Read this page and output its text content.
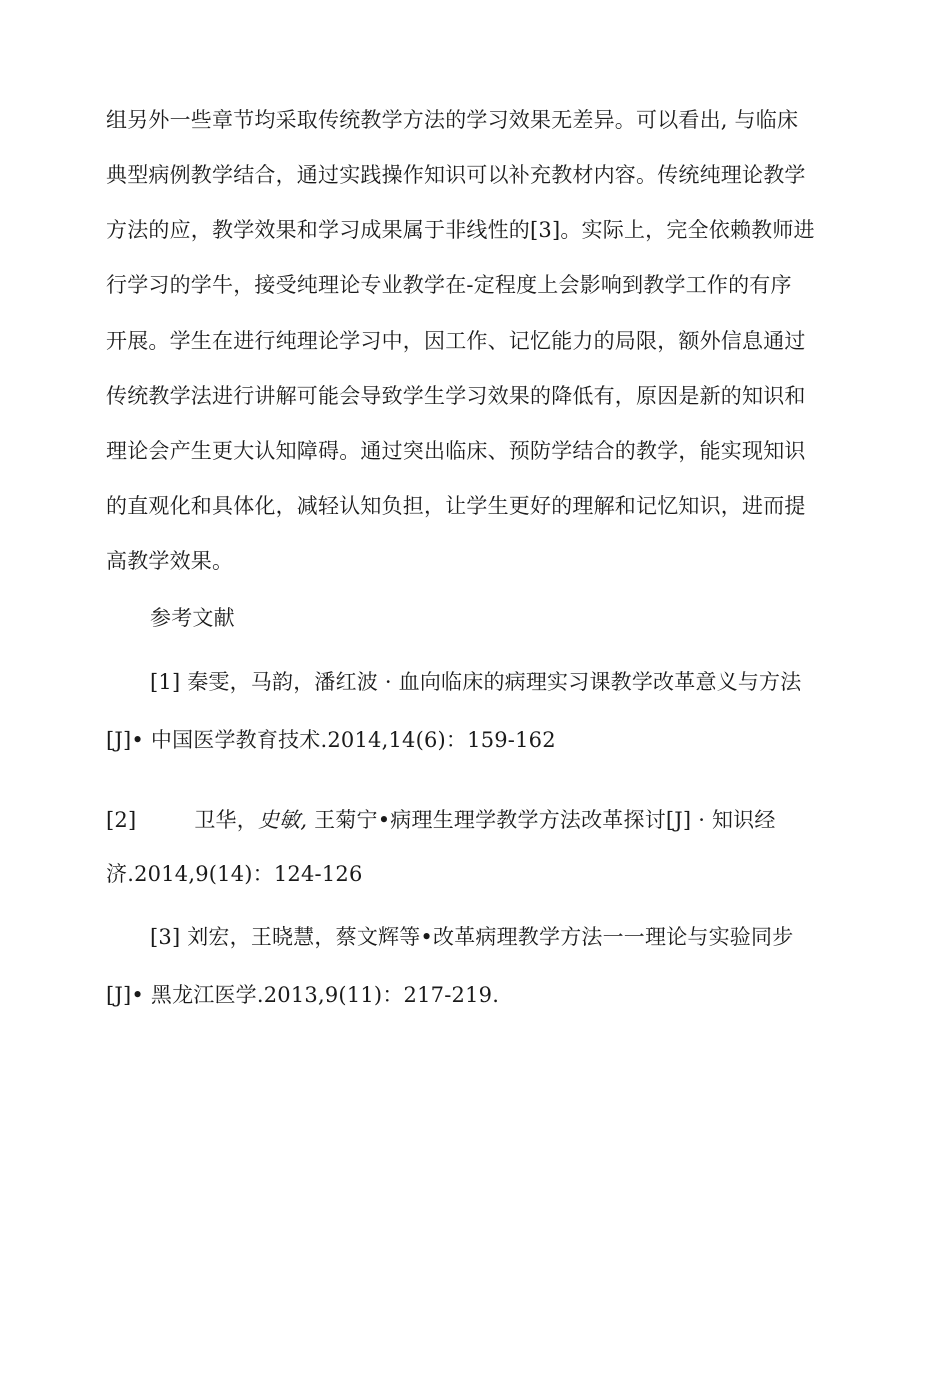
组另外一些章节均采取传统教学方法的学习效果无差异。可以看出, 与临床
典型病例教学结合，通过实践操作知识可以补充教材内容。传统纯理论教学
方法的应，教学效果和学习成果属于非线性的[3]。实际上，完全依赖教师进
行学习的学牛，接受纯理论专业教学在-定程度上会影响到教学工作的有序
开展。学生在进行纯理论学习中，因工作、记忆能力的局限，额外信息通过
传统教学法进行讲解可能会导致学生学习效果的降低有，原因是新的知识和
理论会产生更大认知障碍。通过突出临床、预防学结合的教学，能实现知识
的直观化和具体化，减轻认知负担，让学生更好的理解和记忆知识，进而提
高教学效果。
参考文献
[1] 秦雯，马韵，潘红波 · 血向临床的病理实习课教学改革意义与方法
[J]• 中国医学教育技术.2014,14(6)：159-162
[2]	卫华，史敏, 王菊宁•病理生理学教学方法改革探讨[J] · 知识经
济.2014,9(14)：124-126
[3] 刘宏，王晓慧，蔡文辉等•改革病理教学方法一一理论与实验同步
[J]• 黑龙江医学.2013,9(11)：217-219.
